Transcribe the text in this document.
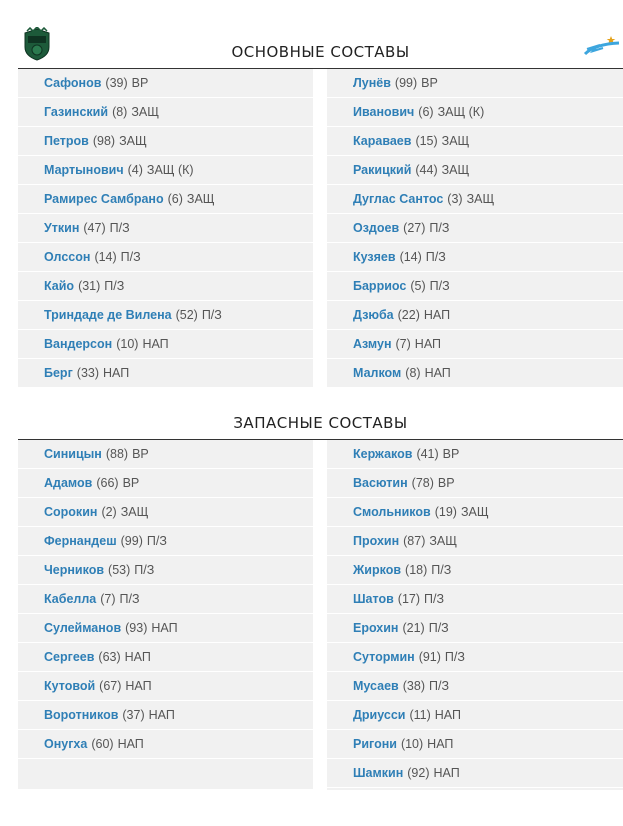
ОСНОВНЫЕ СОСТАВЫ
Сафонов (39) ВР
Газинский (8) ЗАЩ
Петров (98) ЗАЩ
Мартынович (4) ЗАЩ (К)
Рамирес Самбрано (6) ЗАЩ
Уткин (47) П/З
Олссон (14) П/З
Кайо (31) П/З
Триндаде де Вилена (52) П/З
Вандерсон (10) НАП
Берг (33) НАП
Лунёв (99) ВР
Иванович (6) ЗАЩ (К)
Караваев (15) ЗАЩ
Ракицкий (44) ЗАЩ
Дуглас Сантос (3) ЗАЩ
Оздоев (27) П/З
Кузяев (14) П/З
Барриос (5) П/З
Дзюба (22) НАП
Азмун (7) НАП
Малком (8) НАП
ЗАПАСНЫЕ СОСТАВЫ
Синицын (88) ВР
Адамов (66) ВР
Сорокин (2) ЗАЩ
Фернандеш (99) П/З
Черников (53) П/З
Кабелла (7) П/З
Сулейманов (93) НАП
Сергеев (63) НАП
Кутовой (67) НАП
Воротников (37) НАП
Онугха (60) НАП
Кержаков (41) ВР
Васютин (78) ВР
Смольников (19) ЗАЩ
Прохин (87) ЗАЩ
Жирков (18) П/З
Шатов (17) П/З
Ерохин (21) П/З
Сутормин (91) П/З
Мусаев (38) П/З
Дриусси (11) НАП
Ригони (10) НАП
Шамкин (92) НАП
